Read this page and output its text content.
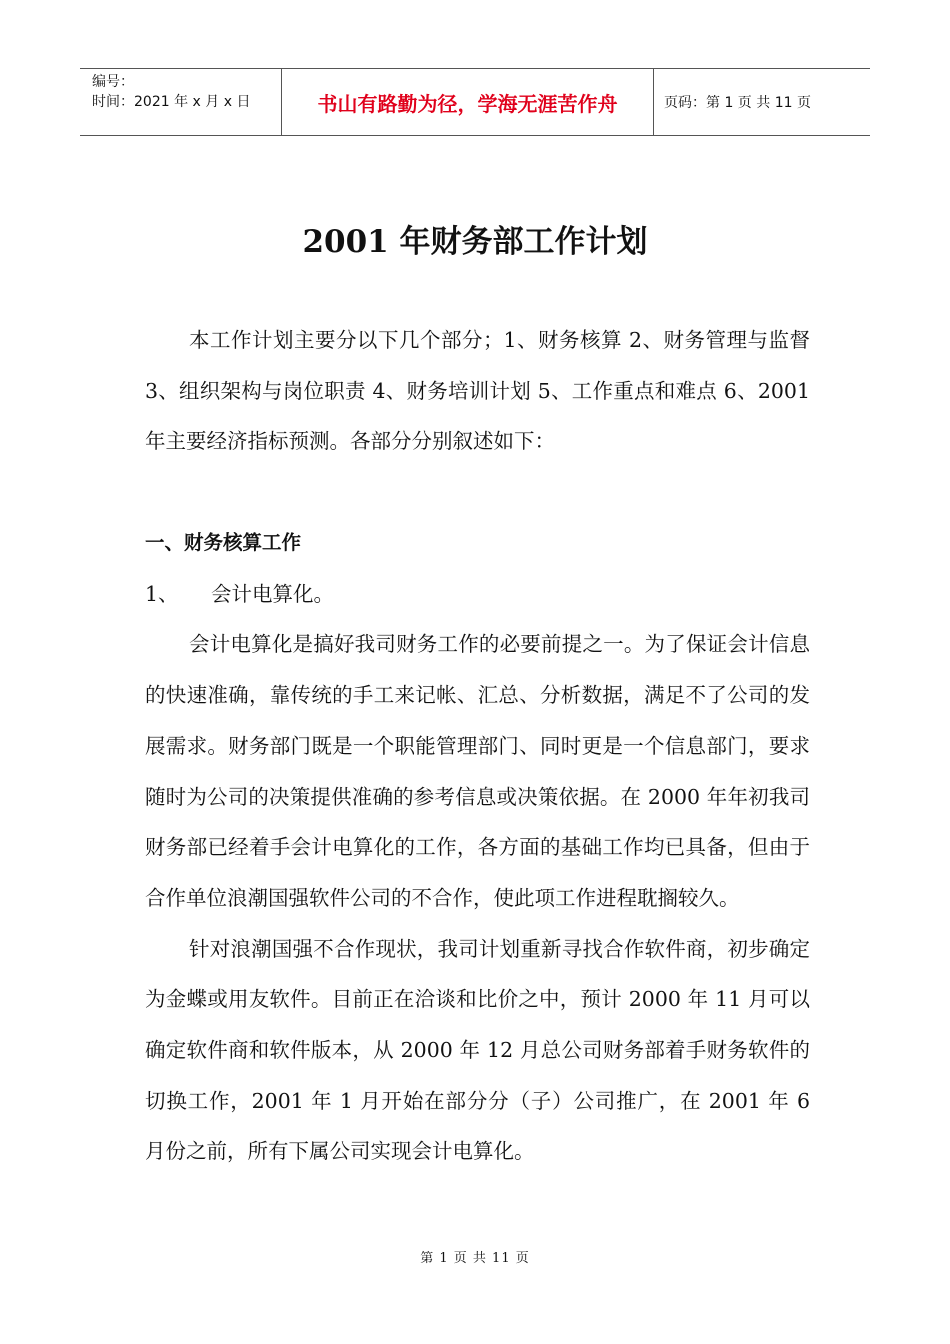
编号：
时间：2021 年 x 月 x 日	书山有路勤为径，学海无涯苦作舟	页码：第 1 页 共 11 页
2001 年财务部工作计划

本工作计划主要分以下几个部分；1、财务核算 2、财务管理与监督 3、组织架构与岗位职责 4、财务培训计划 5、工作重点和难点 6、2001 年主要经济指标预测。各部分分别叙述如下：

一、财务核算工作

1、 会计电算化。

会计电算化是搞好我司财务工作的必要前提之一。为了保证会计信息的快速准确，靠传统的手工来记帐、汇总、分析数据，满足不了公司的发展需求。财务部门既是一个职能管理部门、同时更是一个信息部门，要求随时为公司的决策提供准确的参考信息或决策依据。在 2000 年年初我司财务部已经着手会计电算化的工作，各方面的基础工作均已具备，但由于合作单位浪潮国强软件公司的不合作，使此项工作进程耽搁较久。

针对浪潮国强不合作现状，我司计划重新寻找合作软件商，初步确定为金蝶或用友软件。目前正在洽谈和比价之中，预计 2000 年 11 月可以确定软件商和软件版本，从 2000 年 12 月总公司财务部着手财务软件的切换工作，2001 年 1 月开始在部分分（子）公司推广，在 2001 年 6 月份之前，所有下属公司实现会计电算化。

第 1 页 共 11 页
